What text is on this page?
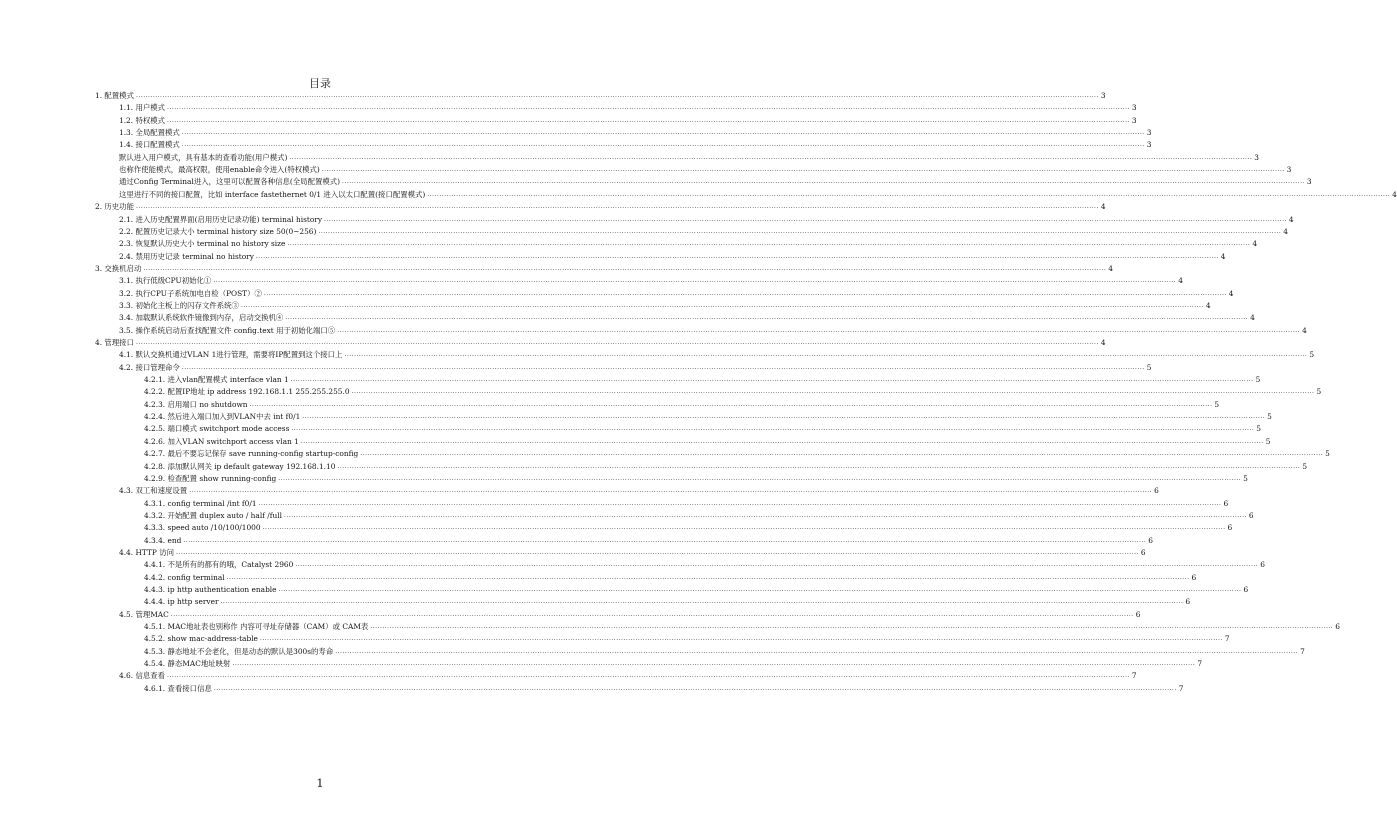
目录
1. 配置模式 ................................................................................................................................................................................................................................................................................................................................................................................................................ 3
1.1. 用户模式 ................................................................................................................................................................................................................................................................................................................................................................................................................ 3
1.2. 特权模式 ................................................................................................................................................................................................................................................................................................................................................................................................................ 3
1.3. 全局配置模式 ................................................................................................................................................................................................................................................................................................................................................................................................................ 3
1.4. 接口配置模式 ................................................................................................................................................................................................................................................................................................................................................................................................................ 3
默认进入用户模式，具有基本的查看功能(用户模式) ................................................................................................................................................................................................................................................................................................................................................................................................................ 3
也称作使能模式，最高权限，使用enable命令进入(特权模式) ................................................................................................................................................................................................................................................................................................................................................................................................................ 3
通过Config Terminal进入，这里可以配置各种信息(全局配置模式) ................................................................................................................................................................................................................................................................................................................................................................................................................ 3
这里进行不同的接口配置，比如 interface fastethernet 0/1 进入以太口配置(接口配置模式) ................................................................................................................................................................................................................................................................................................................................................................................................................ 4
2. 历史功能 ................................................................................................................................................................................................................................................................................................................................................................................................................ 4
2.1. 进入历史配置界面(启用历史记录功能) terminal history ................................................................................................................................................................................................................................................................................................................................................................................................................ 4
2.2. 配置历史记录大小 terminal history size 50(0~256) ................................................................................................................................................................................................................................................................................................................................................................................................................ 4
2.3. 恢复默认历史大小 terminal no history size ................................................................................................................................................................................................................................................................................................................................................................................................................ 4
2.4. 禁用历史记录 terminal no history ................................................................................................................................................................................................................................................................................................................................................................................................................ 4
3. 交换机启动 ................................................................................................................................................................................................................................................................................................................................................................................................................ 4
3.1. 执行低级CPU初始化① ................................................................................................................................................................................................................................................................................................................................................................................................................ 4
3.2. 执行CPU子系统加电自检（POST）② ................................................................................................................................................................................................................................................................................................................................................................................................................ 4
3.3. 初始化主板上的闪存文件系统③ ................................................................................................................................................................................................................................................................................................................................................................................................................ 4
3.4. 加载默认系统软件镜像到内存，启动交换机④ ................................................................................................................................................................................................................................................................................................................................................................................................................ 4
3.5. 操作系统启动后查找配置文件 config.text 用于初始化端口⑤ ................................................................................................................................................................................................................................................................................................................................................................................................................ 4
4. 管理接口 ................................................................................................................................................................................................................................................................................................................................................................................................................ 4
4.1. 默认交换机通过VLAN 1进行管理，需要将IP配置到这个接口上 ................................................................................................................................................................................................................................................................................................................................................................................................................ 5
4.2. 接口管理命令 ................................................................................................................................................................................................................................................................................................................................................................................................................ 5
4.2.1. 进入vlan配置模式 interface vlan 1 ................................................................................................................................................................................................................................................................................................................................................................................................................ 5
4.2.2. 配置IP地址 ip address 192.168.1.1 255.255.255.0 ................................................................................................................................................................................................................................................................................................................................................................................................................ 5
4.2.3. 启用端口 no shutdown ................................................................................................................................................................................................................................................................................................................................................................................................................ 5
4.2.4. 然后进入端口加入到VLAN中去 int f0/1 ................................................................................................................................................................................................................................................................................................................................................................................................................ 5
4.2.5. 端口模式 switchport mode access ................................................................................................................................................................................................................................................................................................................................................................................................................ 5
4.2.6. 加入VLAN switchport access vlan 1 ................................................................................................................................................................................................................................................................................................................................................................................................................ 5
4.2.7. 最后不要忘记保存 save running-config startup-config ................................................................................................................................................................................................................................................................................................................................................................................................................ 5
4.2.8. 添加默认网关 ip default gateway 192.168.1.10 ................................................................................................................................................................................................................................................................................................................................................................................................................ 5
4.2.9. 检查配置 show running-config ................................................................................................................................................................................................................................................................................................................................................................................................................ 5
4.3. 双工和速度设置 ................................................................................................................................................................................................................................................................................................................................................................................................................ 6
4.3.1. config terminal /int f0/1 ................................................................................................................................................................................................................................................................................................................................................................................................................ 6
4.3.2. 开始配置 duplex auto / half /full ................................................................................................................................................................................................................................................................................................................................................................................................................ 6
4.3.3. speed auto /10/100/1000 ................................................................................................................................................................................................................................................................................................................................................................................................................ 6
4.3.4. end ................................................................................................................................................................................................................................................................................................................................................................................................................ 6
4.4. HTTP 访问 ................................................................................................................................................................................................................................................................................................................................................................................................................ 6
4.4.1. 不是所有的都有的哦，Catalyst 2960 ................................................................................................................................................................................................................................................................................................................................................................................................................ 6
4.4.2. config terminal ................................................................................................................................................................................................................................................................................................................................................................................................................ 6
4.4.3. ip http authentication enable ................................................................................................................................................................................................................................................................................................................................................................................................................ 6
4.4.4. ip http server ................................................................................................................................................................................................................................................................................................................................................................................................................ 6
4.5. 管理MAC ................................................................................................................................................................................................................................................................................................................................................................................................................ 6
4.5.1. MAC地址表也别称作 内容可寻址存储器（CAM）或 CAM表 ................................................................................................................................................................................................................................................................................................................................................................................................................ 6
4.5.2. show mac-address-table ................................................................................................................................................................................................................................................................................................................................................................................................................ 7
4.5.3. 静态地址不会老化，但是动态的默认是300s的寿命 ................................................................................................................................................................................................................................................................................................................................................................................................................ 7
4.5.4. 静态MAC地址映射 ................................................................................................................................................................................................................................................................................................................................................................................................................ 7
4.6. 信息查看 ................................................................................................................................................................................................................................................................................................................................................................................................................ 7
4.6.1. 查看接口信息 ................................................................................................................................................................................................................................................................................................................................................................................................................ 7
1
